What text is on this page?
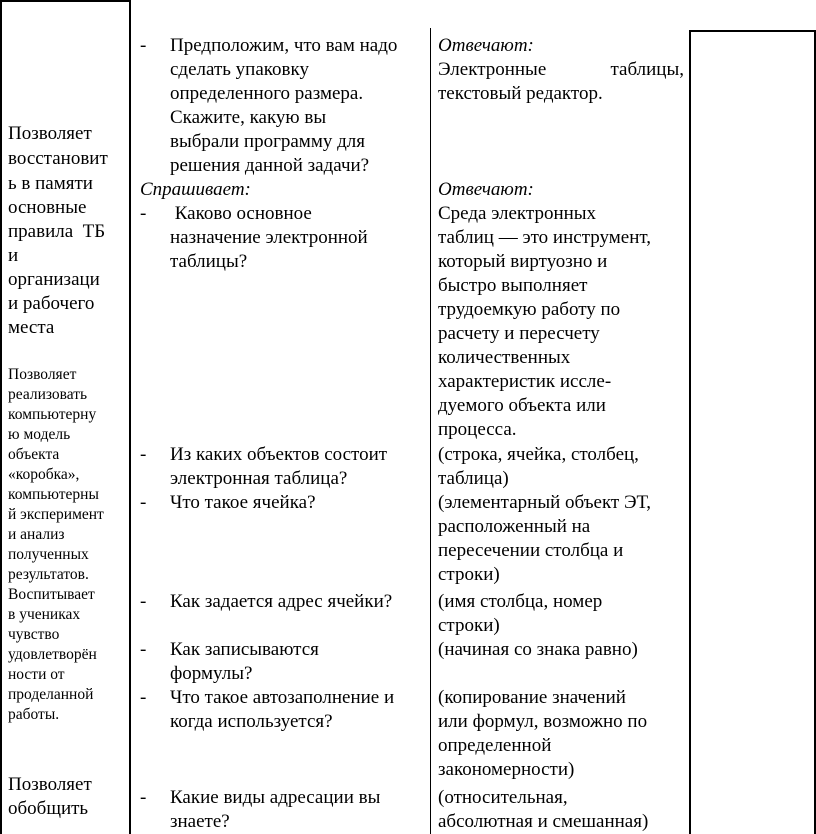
Позволяет
восстановит
ь в памяти
основные
правила  ТБ
и
организаци
и рабочего
места
Позволяет
реализовать
компьютерну
ю модель
объекта
«коробка»,
компьютерны
й эксперимент
и анализ
полученных
результатов.
Воспитывает
в учениках
чувство
удовлетворён
ности от
проделанной
работы.
Позволяет
обобщить
- Предположим, что вам надо
сделать упаковку
определенного размера.
Скажите, какую вы
выбрали программу для
решения данной задачи?
Спрашивает:
- Каково основное
назначение электронной
таблицы?
- Из каких объектов состоит
электронная таблица?
- Что такое ячейка?
- Как задается адрес ячейки?
- Как записываются
формулы?
- Что такое автозаполнение и
когда используется?
- Какие виды адресации вы
знаете?
Отвечают:
Электронные таблицы,
текстовый редактор.
Отвечают:
Среда электронных
таблиц — это инструмент,
который виртуозно и
быстро выполняет
трудоемкую работу по
расчету и пересчету
количественных
характеристик иссле-
дуемого объекта или
процесса.
(строка, ячейка, столбец,
таблица)
(элементарный объект ЭТ,
расположенный на
пересечении столбца и
строки)
(имя столбца, номер
строки)
(начиная со знака равно)
(копирование значений
или формул, возможно по
определенной
закономерности)
(относительная,
абсолютная и смешанная)
